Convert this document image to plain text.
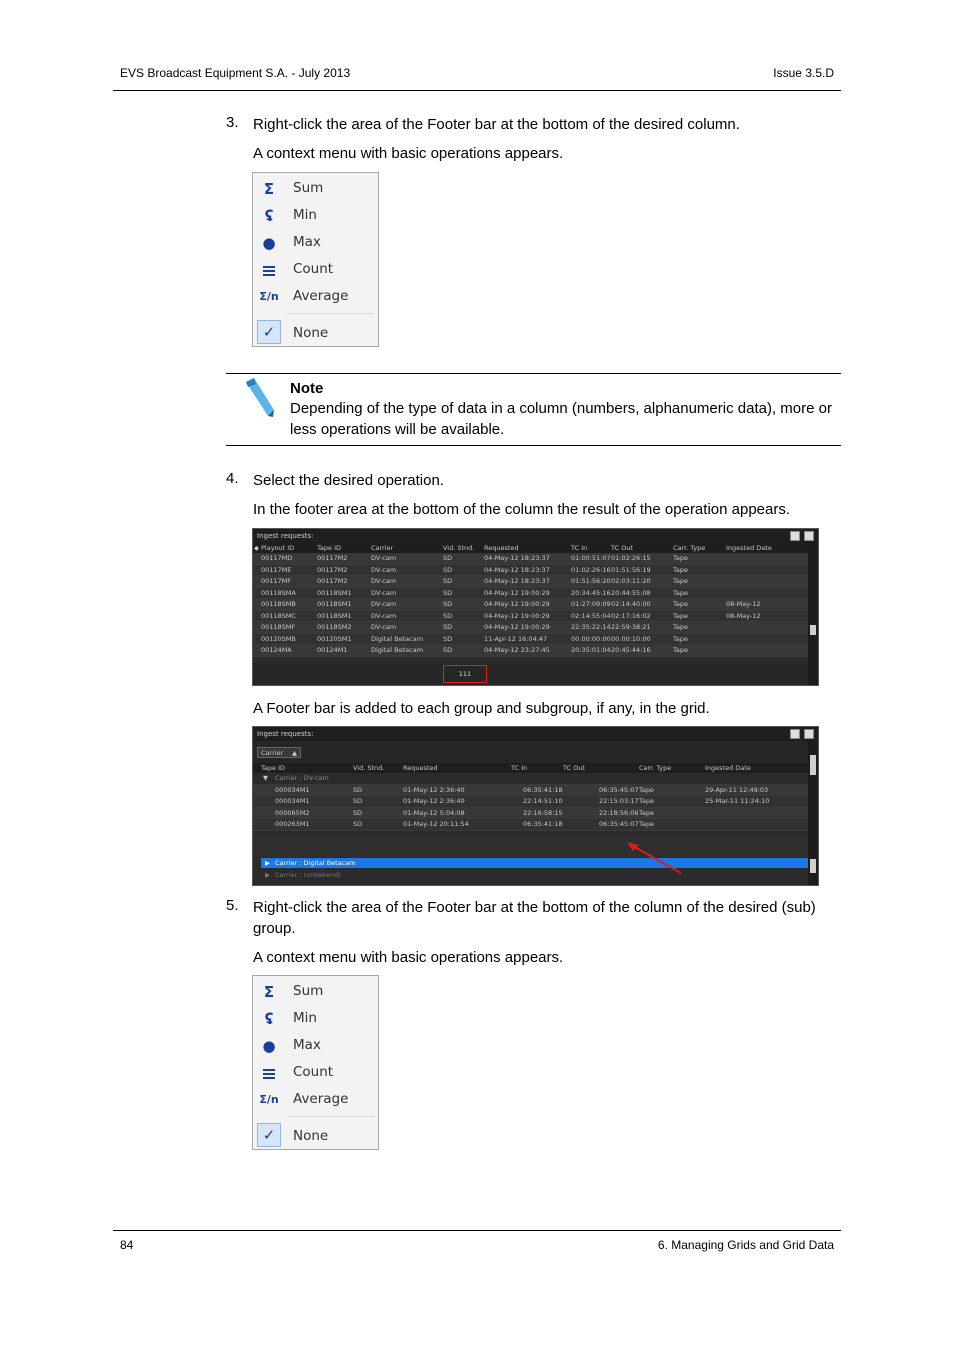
EVS Broadcast Equipment S.A. - July 2013	Issue 3.5.D
3. Right-click the area of the Footer bar at the bottom of the desired column.
A context menu with basic operations appears.
Σ	Sum
ʢ	Min
● Max
Count
Σ/n Average
✓	None
Note
Depending of the type of data in a column (numbers, alphanumeric data), more or less operations will be available.
4. Select the desired operation.
In the footer area at the bottom of the column the result of the operation appears.
Ingest requests:
Playout ID	Tape ID	Carrier	Vid. Stnd. Requested	TC In	TC Out	Carr. Type	Ingested Date
◆
00117MD	00117M2	DV-cam	SD	04-May-12 18:23:37	01:00:51:07 01:02:26:15	Tape
00117ME	00117M2	DV-cam	SD	04-May-12 18:23:37	01:02:26:16 01:51:56:19	Tape
00117MF	00117M2	DV-cam	SD	04-May-12 18:23:37	01:51:56:20 02:03:11:20	Tape
00118SMA	00118SM1	DV-cam	SD	04-May-12 19:00:29	20:34:45:16 20:44:55:08	Tape
00118SMB	00118SM1	DV-cam	SD	04-May-12 19:00:29	01:27:09:09 02:14:40:00	Tape	08-May-12
00118SMC	00118SM1	DV-cam	SD	04-May-12 19:00:29	02:14:55:04 02:17:16:02	Tape	08-May-12
00118SMF	00118SM2	DV-cam	SD	04-May-12 19:00:29	22:35:22:14 22:59:38:21	Tape
00120SMB	00120SM1	Digital Betacam	SD	11-Apr-12 16:04:47	00:00:00:00 00:00:10:00	Tape
00124MA	00124M1	Digital Betacam	SD	04-May-12 23:27:45	20:35:01:04 20:45:44:16	Tape
111
A Footer bar is added to each group and subgroup, if any, in the grid.
Ingest requests:
Carrier ▲
Tape ID	Vid. Stnd.	Requested	TC In	TC Out	Carr. Type	Ingested Date
▼ Carrier : DV-cam
000034M1	SD	01-May-12 2:36:40	06:35:41:18	06:35:45:07 Tape	29-Apr-11 12:49:03
000034M1	SD	01-May-12 2:36:40	22:14:51:10	22:15:03:17 Tape	25-Mar-11 11:24:10
000065M2	SD	01-May-12 5:04:08	22:16:58:15	22:18:56:06 Tape
000263M1	SD	01-May-12 20:11:54	06:35:41:18	06:35:45:07 Tape
▶ Carrier : Digital Betacam
▶ Carrier : (onbekend)
5. Right-click the area of the Footer bar at the bottom of the column of the desired (sub) group.
A context menu with basic operations appears.
Σ	Sum
ʢ	Min
● Max
Count
Σ/n Average
✓	None
84	6. Managing Grids and Grid Data
